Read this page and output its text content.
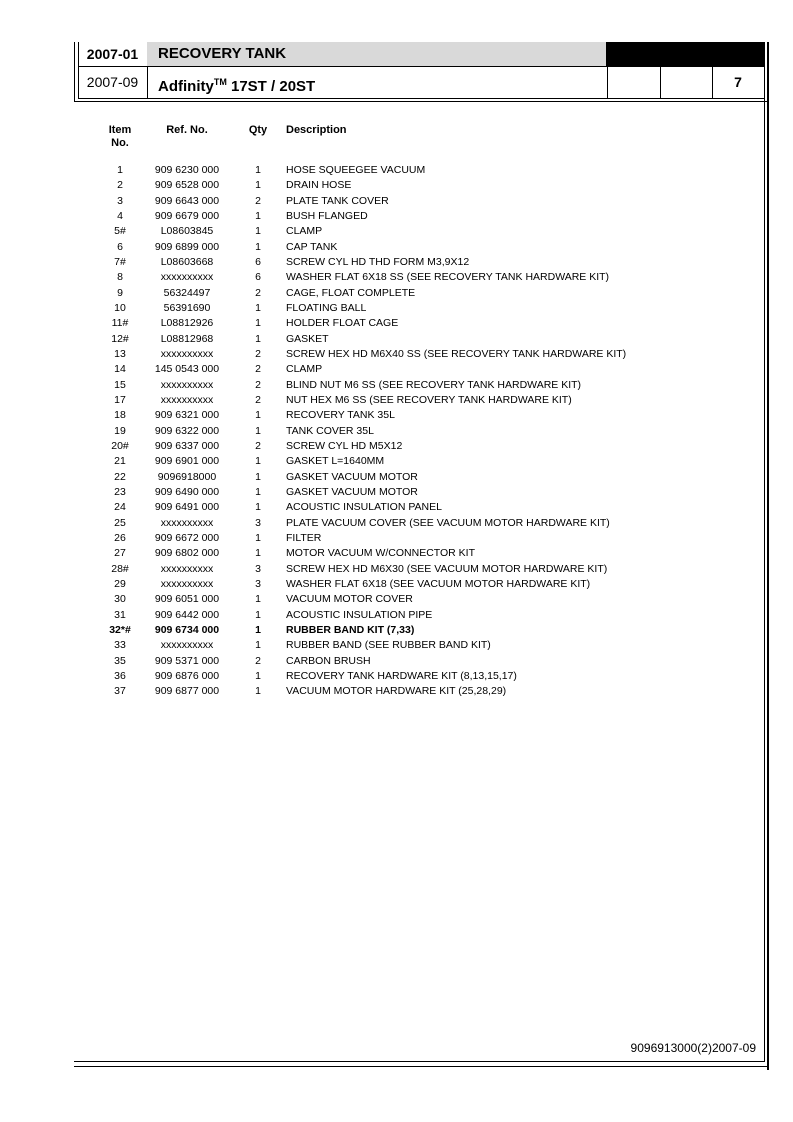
2007-01	RECOVERY TANK
2007-09	Adfinity™ 17ST / 20ST	7
Item
No.
Ref. No.	Qty Description
1	909 6230 000	1	HOSE SQUEEGEE VACUUM
2	909 6528 000	1	DRAIN HOSE
3	909 6643 000	2	PLATE TANK COVER
4	909 6679 000	1	BUSH FLANGED
5#	L08603845	1	CLAMP
6	909 6899 000	1	CAP TANK
7#	L08603668	6	SCREW CYL HD THD FORM M3,9X12
8	xxxxxxxxxx	6	WASHER FLAT 6X18 SS (SEE RECOVERY TANK HARDWARE KIT)
9	56324497	2	CAGE, FLOAT COMPLETE
10	56391690	1	FLOATING BALL
11#	L08812926	1	HOLDER FLOAT CAGE
12#	L08812968	1	GASKET
13	xxxxxxxxxx	2	SCREW HEX HD M6X40 SS (SEE RECOVERY TANK HARDWARE KIT)
14	145 0543 000	2	CLAMP
15	xxxxxxxxxx	2	BLIND NUT M6 SS (SEE RECOVERY TANK HARDWARE KIT)
17	xxxxxxxxxx	2	NUT HEX M6 SS (SEE RECOVERY TANK HARDWARE KIT)
18	909 6321 000	1	RECOVERY TANK 35L
19	909 6322 000	1	TANK COVER 35L
20#	909 6337 000	2	SCREW CYL HD M5X12
21	909 6901 000	1	GASKET L=1640MM
22	9096918000	1	GASKET VACUUM MOTOR
23	909 6490 000	1	GASKET VACUUM MOTOR
24	909 6491 000	1	ACOUSTIC INSULATION PANEL
25	xxxxxxxxxx	3	PLATE VACUUM COVER (SEE VACUUM MOTOR HARDWARE KIT)
26	909 6672 000	1	FILTER
27	909 6802 000	1	MOTOR VACUUM W/CONNECTOR KIT
28#	xxxxxxxxxx	3	SCREW HEX HD M6X30 (SEE VACUUM MOTOR HARDWARE KIT)
29	xxxxxxxxxx	3	WASHER FLAT 6X18 (SEE VACUUM MOTOR HARDWARE KIT)
30	909 6051 000	1	VACUUM MOTOR COVER
31	909 6442 000	1	ACOUSTIC INSULATION PIPE
32*#	909 6734 000	1	RUBBER BAND KIT (7,33)
33	xxxxxxxxxx	1	RUBBER BAND (SEE RUBBER BAND KIT)
35	909 5371 000	2	CARBON BRUSH
36	909 6876 000	1	RECOVERY TANK HARDWARE KIT (8,13,15,17)
37	909 6877 000	1	VACUUM MOTOR HARDWARE KIT (25,28,29)
9096913000(2)2007-09
